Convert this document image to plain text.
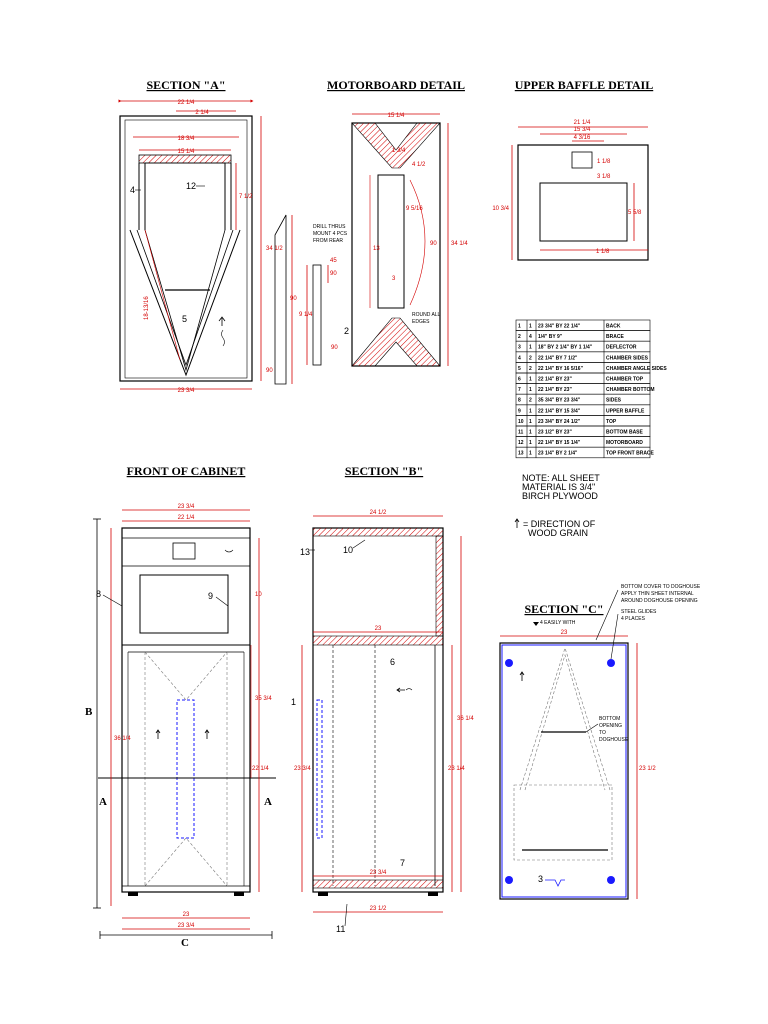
SECTION "A"	MOTORBOARD DETAIL	UPPER BAFFLE DETAIL
FRONT OF CABINET	SECTION "B"
SECTION "C"
22 1/4
2 1/4
18 3/4
15 1/4
7 1/2
18-13/16
23 3/4
34 1/2
4	12
5
90
90
9 1/4
90
90
45
15 1/4
1 3/4
4 1/2
9 5/16
13
90 34 1/4
3
DRILL THRUS
MOUNT 4 PCS
FROM REAR
ROUND ALL
EDGES
2
21 1/4
15 3/4
4 3/16
1 1/8
3 1/8
10 3/4
5 5/8
1 1/8
1 1 23 3/4" BY 22 1/4"	BACK
2 4 1/4" BY 9"	BRACE
3 1 18" BY 2 1/4" BY 1 1/4"	DEFLECTOR
4 2 22 1/4" BY 7 1/2"	CHAMBER SIDES
5 2 22 1/4" BY 16 5/16"	CHAMBER ANGLE SIDES
6 1 22 1/4" BY 23"	CHAMBER TOP
7 1 22 1/4" BY 23"	CHAMBER BOTTOM
8 2 35 3/4" BY 23 3/4"	SIDES
9 1 22 1/4" BY 15 3/4"	UPPER BAFFLE
10 1 23 3/4" BY 24 1/2"	TOP
11 1 23 1/2" BY 23"	BOTTOM BASE
12 1 22 1/4" BY 15 1/4"	MOTORBOARD
13 1 23 1/4" BY 2 1/4"	TOP FRONT BRACE
NOTE: ALL SHEET
MATERIAL IS 3/4"
BIRCH PLYWOOD
= DIRECTION OF
WOOD GRAIN
23 3/4
22 1/4
10
35 3/4
22 1/4
36 1/4
23
23 3/4
8	9
B
A	A
C
24 1/2
23
36 1/4
23 1/4
23 3/4
23 3/4
23 1/2
13	10
6
1
7
11
23
23 1/2
BOTTOM COVER TO DOGHOUSE
APPLY THIN SHEET INTERNAL
AROUND DOGHOUSE OPENING
STEEL GLIDES
4 PLACES
BOTTOM
OPENING
TO
DOGHOUSE
4 EASILY WITH
3
